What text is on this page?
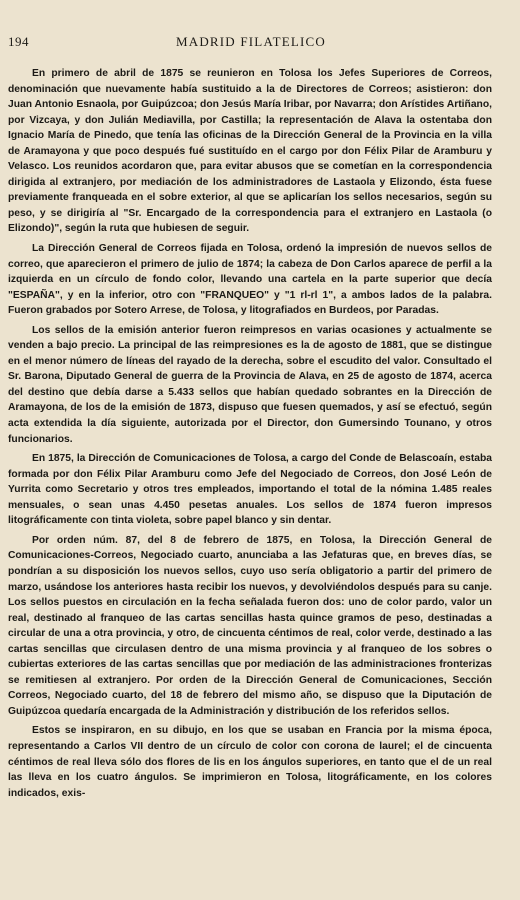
194	MADRID FILATELICO

En primero de abril de 1875 se reunieron en Tolosa los Jefes Superiores de Correos, denominación que nuevamente había sustituido a la de Directores de Correos; asistieron: don Juan Antonio Esnaola, por Guipúzcoa; don Jesús María Iribar, por Navarra; don Arístides Artiñano, por Vizcaya, y don Julián Mediavilla, por Castilla; la representación de Alava la ostentaba don Ignacio María de Pinedo, que tenía las oficinas de la Dirección General de la Provincia en la villa de Aramayona y que poco después fué sustituído en el cargo por don Félix Pilar de Aramburu y Velasco. Los reunidos acordaron que, para evitar abusos que se cometían en la correspondencia dirigida al extranjero, por mediación de los administradores de Lastaola y Elizondo, ésta fuese previamente franqueada en el sobre exterior, al que se aplicarían los sellos necesarios, según su peso, y se dirigiría al "Sr. Encargado de la correspondencia para el extranjero en Lastaola (o Elizondo)", según la ruta que hubiesen de seguir.

La Dirección General de Correos fijada en Tolosa, ordenó la impresión de nuevos sellos de correo, que aparecieron el primero de julio de 1874; la cabeza de Don Carlos aparece de perfil a la izquierda en un círculo de fondo color, llevando una cartela en la parte superior que decía "ESPAÑA", y en la inferior, otro con "FRANQUEO" y "1 rl-rl 1", a ambos lados de la palabra. Fueron grabados por Sotero Arrese, de Tolosa, y litografiados en Burdeos, por Paradas.

Los sellos de la emisión anterior fueron reimpresos en varias ocasiones y actualmente se venden a bajo precio. La principal de las reimpresiones es la de agosto de 1881, que se distingue en el menor número de líneas del rayado de la derecha, sobre el escudito del valor. Consultado el Sr. Barona, Diputado General de guerra de la Provincia de Alava, en 25 de agosto de 1874, acerca del destino que debía darse a 5.433 sellos que habían quedado sobrantes en la Dirección de Aramayona, de los de la emisión de 1873, dispuso que fuesen quemados, y así se efectuó, según acta extendida la día siguiente, autorizada por el Director, don Gumersindo Tounano, y otros funcionarios.

En 1875, la Dirección de Comunicaciones de Tolosa, a cargo del Conde de Belascoaín, estaba formada por don Félix Pilar Aramburu como Jefe del Negociado de Correos, don José León de Yurrita como Secretario y otros tres empleados, importando el total de la nómina 1.485 reales mensuales, o sean unas 4.450 pesetas anuales. Los sellos de 1874 fueron impresos litográficamente con tinta violeta, sobre papel blanco y sin dentar.

Por orden núm. 87, del 8 de febrero de 1875, en Tolosa, la Dirección General de Comunicaciones-Correos, Negociado cuarto, anunciaba a las Jefaturas que, en breves días, se pondrían a su disposición los nuevos sellos, cuyo uso sería obligatorio a partir del primero de marzo, usándose los anteriores hasta recibir los nuevos, y devolviéndolos después para su canje. Los sellos puestos en circulación en la fecha señalada fueron dos: uno de color pardo, valor un real, destinado al franqueo de las cartas sencillas hasta quince gramos de peso, destinadas a circular de una a otra provincia, y otro, de cincuenta céntimos de real, color verde, destinado a las cartas sencillas que circulasen dentro de una misma provincia y al franqueo de los sobres o cubiertas exteriores de las cartas sencillas que por mediación de las administraciones fronterizas se remitiesen al extranjero. Por orden de la Dirección General de Comunicaciones, Sección Correos, Negociado cuarto, del 18 de febrero del mismo año, se dispuso que la Diputación de Guipúzcoa quedaría encargada de la Administración y distribución de los referidos sellos.

Estos se inspiraron, en su dibujo, en los que se usaban en Francia por la misma época, representando a Carlos VII dentro de un círculo de color con corona de laurel; el de cincuenta céntimos de real lleva sólo dos flores de lis en los ángulos superiores, en tanto que el de un real las lleva en los cuatro ángulos. Se imprimieron en Tolosa, litográficamente, en los colores indicados, exis-
